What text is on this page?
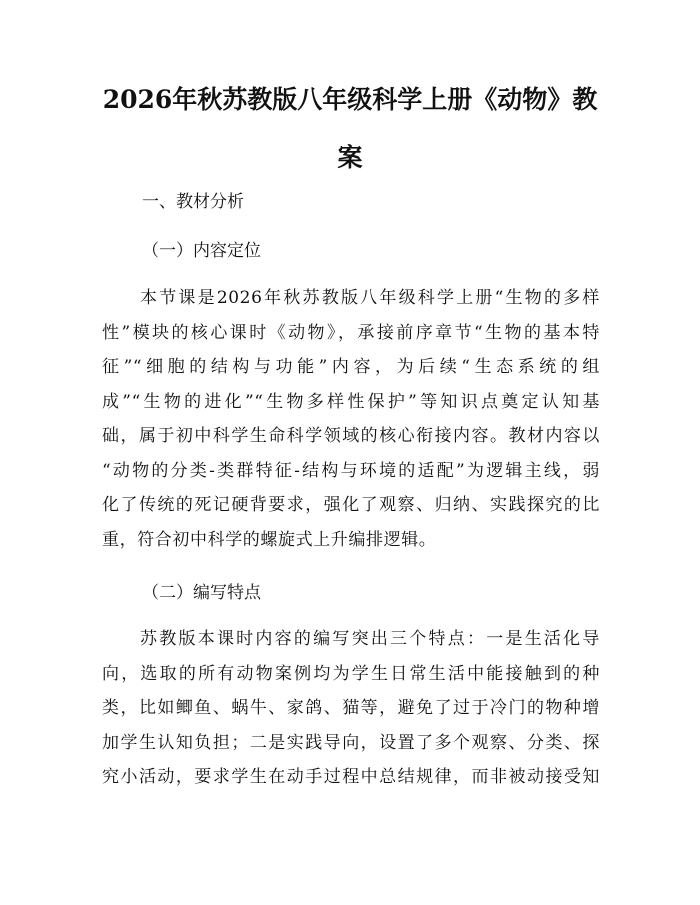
2026年秋苏教版八年级科学上册《动物》教
案

一、教材分析

（一）内容定位

本节课是2026年秋苏教版八年级科学上册“生物的多样
性”模块的核心课时《动物》，承接前序章节“生物的基本特
征”“细胞的结构与功能”内容，为后续“生态系统的组
成”“生物的进化”“生物多样性保护”等知识点奠定认知基
础，属于初中科学生命科学领域的核心衔接内容。教材内容以
“动物的分类-类群特征-结构与环境的适配”为逻辑主线，弱
化了传统的死记硬背要求，强化了观察、归纳、实践探究的比
重，符合初中科学的螺旋式上升编排逻辑。

（二）编写特点

苏教版本课时内容的编写突出三个特点：一是生活化导
向，选取的所有动物案例均为学生日常生活中能接触到的种
类，比如鲫鱼、蜗牛、家鸽、猫等，避免了过于冷门的物种增
加学生认知负担；二是实践导向，设置了多个观察、分类、探
究小活动，要求学生在动手过程中总结规律，而非被动接受知
